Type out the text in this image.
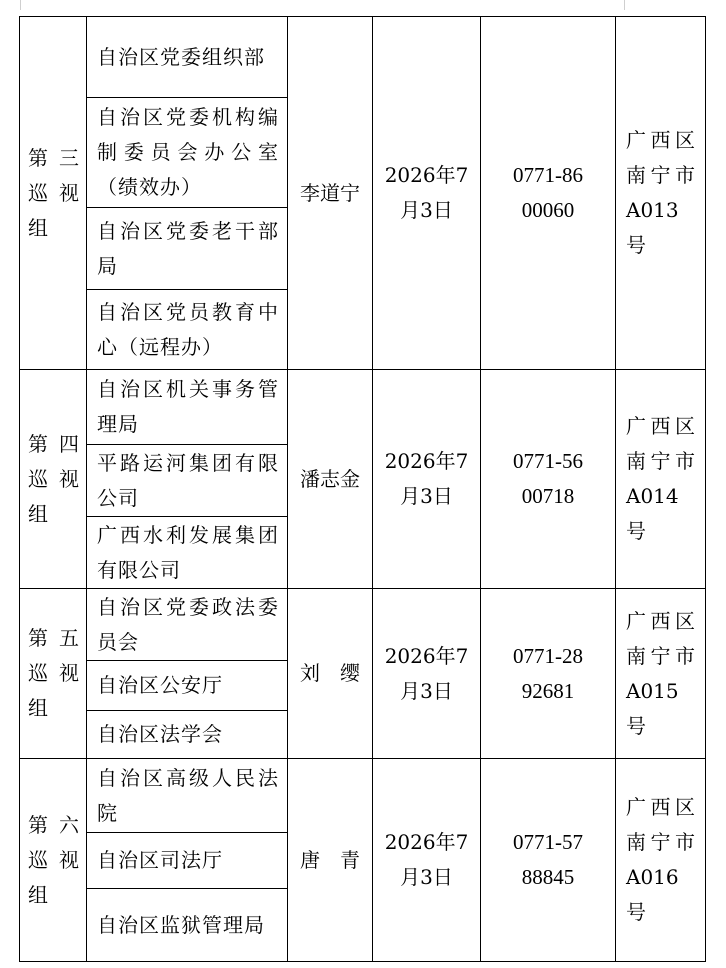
第三巡视组	自治区党委组织部	李道宁	2026年7月3日	0771-8600060	广西区南宁市A013号
	自治区党委机构编制委员会办公室（绩效办）				
	自治区党委老干部局				
	自治区党员教育中心（远程办）				
第四巡视组	自治区机关事务管理局	潘志金	2026年7月3日	0771-5600718	广西区南宁市A014号
	平路运河集团有限公司				
	广西水利发展集团有限公司				
第五巡视组	自治区党委政法委员会	刘　缨	2026年7月3日	0771-2892681	广西区南宁市A015号
	自治区公安厅				
	自治区法学会				
第六巡视组	自治区高级人民法院	唐　青	2026年7月3日	0771-5788845	广西区南宁市A016号
	自治区司法厅				
	自治区监狱管理局				
